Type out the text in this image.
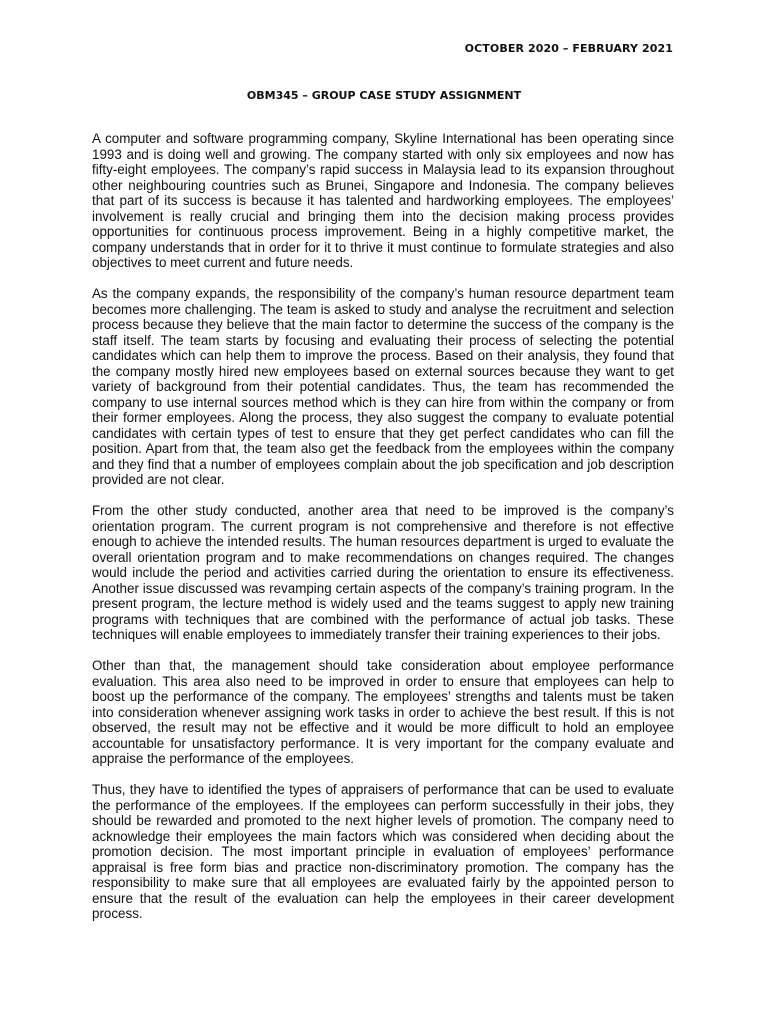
OCTOBER 2020 – FEBRUARY 2021
OBM345 – GROUP CASE STUDY ASSIGNMENT

A computer and software programming company, Skyline International has been operating since 1993 and is doing well and growing. The company started with only six employees and now has fifty-eight employees. The company’s rapid success in Malaysia lead to its expansion throughout other neighbouring countries such as Brunei, Singapore and Indonesia. The company believes that part of its success is because it has talented and hardworking employees. The employees’ involvement is really crucial and bringing them into the decision making process provides opportunities for continuous process improvement. Being in a highly competitive market, the company understands that in order for it to thrive it must continue to formulate strategies and also objectives to meet current and future needs.

As the company expands, the responsibility of the company’s human resource department team becomes more challenging. The team is asked to study and analyse the recruitment and selection process because they believe that the main factor to determine the success of the company is the staff itself. The team starts by focusing and evaluating their process of selecting the potential candidates which can help them to improve the process. Based on their analysis, they found that the company mostly hired new employees based on external sources because they want to get variety of background from their potential candidates. Thus, the team has recommended the company to use internal sources method which is they can hire from within the company or from their former employees. Along the process, they also suggest the company to evaluate potential candidates with certain types of test to ensure that they get perfect candidates who can fill the position. Apart from that, the team also get the feedback from the employees within the company and they find that a number of employees complain about the job specification and job description provided are not clear.

From the other study conducted, another area that need to be improved is the company’s orientation program. The current program is not comprehensive and therefore is not effective enough to achieve the intended results. The human resources department is urged to evaluate the overall orientation program and to make recommendations on changes required. The changes would include the period and activities carried during the orientation to ensure its effectiveness. Another issue discussed was revamping certain aspects of the company’s training program. In the present program, the lecture method is widely used and the teams suggest to apply new training programs with techniques that are combined with the performance of actual job tasks. These techniques will enable employees to immediately transfer their training experiences to their jobs.

Other than that, the management should take consideration about employee performance evaluation. This area also need to be improved in order to ensure that employees can help to boost up the performance of the company. The employees’ strengths and talents must be taken into consideration whenever assigning work tasks in order to achieve the best result. If this is not observed, the result may not be effective and it would be more difficult to hold an employee accountable for unsatisfactory performance. It is very important for the company evaluate and appraise the performance of the employees.

Thus, they have to identified the types of appraisers of performance that can be used to evaluate the performance of the employees. If the employees can perform successfully in their jobs, they should be rewarded and promoted to the next higher levels of promotion. The company need to acknowledge their employees the main factors which was considered when deciding about the promotion decision. The most important principle in evaluation of employees’ performance appraisal is free form bias and practice non-discriminatory promotion. The company has the responsibility to make sure that all employees are evaluated fairly by the appointed person to ensure that the result of the evaluation can help the employees in their career development process.
